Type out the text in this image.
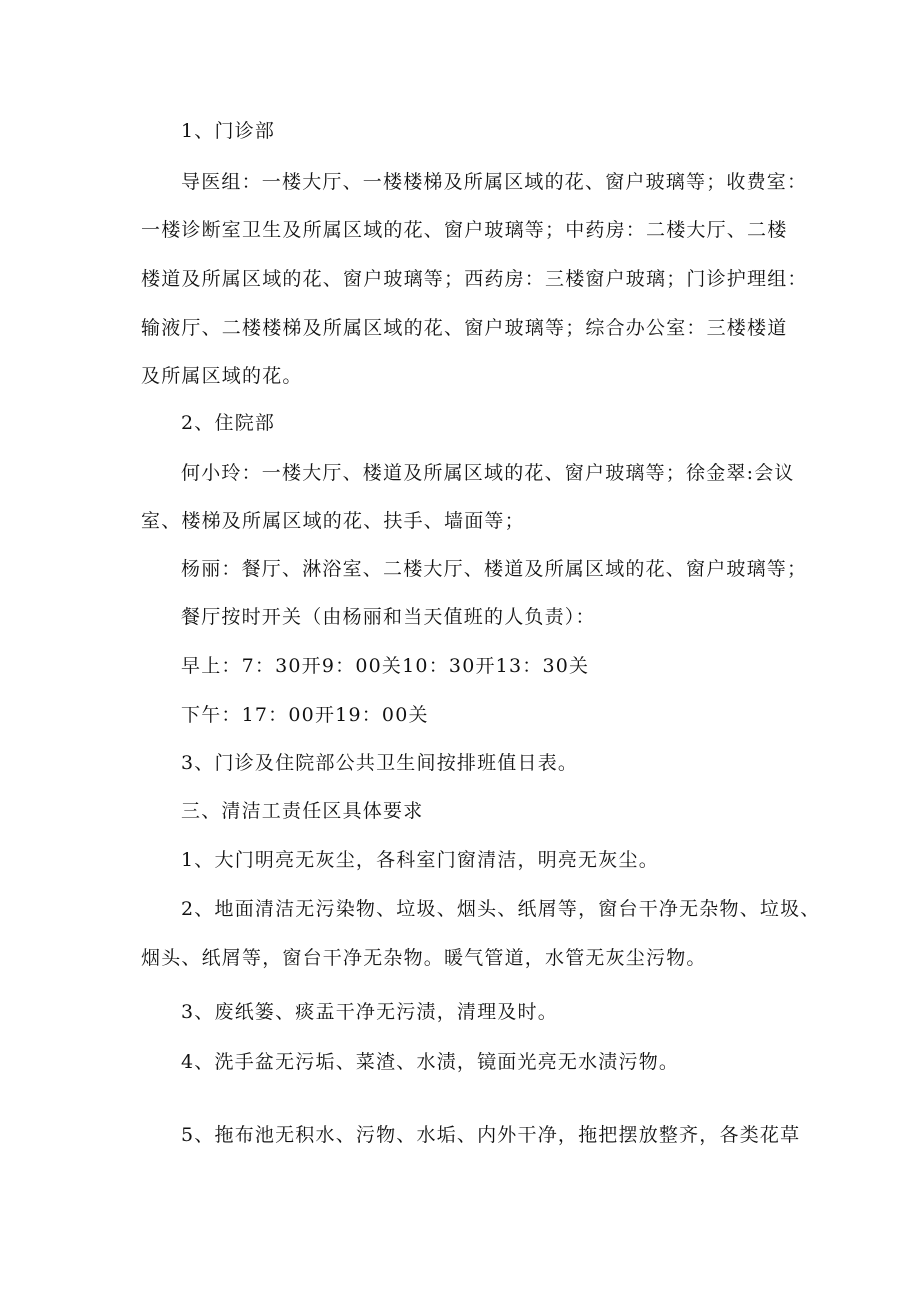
1、门诊部
导医组：一楼大厅、一楼楼梯及所属区域的花、窗户玻璃等；收费室：
一楼诊断室卫生及所属区域的花、窗户玻璃等；中药房：二楼大厅、二楼
楼道及所属区域的花、窗户玻璃等；西药房：三楼窗户玻璃；门诊护理组：
输液厅、二楼楼梯及所属区域的花、窗户玻璃等；综合办公室：三楼楼道
及所属区域的花。
2、住院部
何小玲：一楼大厅、楼道及所属区域的花、窗户玻璃等；徐金翠:会议
室、楼梯及所属区域的花、扶手、墙面等；
杨丽：餐厅、淋浴室、二楼大厅、楼道及所属区域的花、窗户玻璃等；
餐厅按时开关（由杨丽和当天值班的人负责）：
早上：7：30开9：00关10：30开13：30关
下午：17：00开19：00关
3、门诊及住院部公共卫生间按排班值日表。
三、清洁工责任区具体要求
1、大门明亮无灰尘，各科室门窗清洁，明亮无灰尘。
2、地面清洁无污染物、垃圾、烟头、纸屑等，窗台干净无杂物、垃圾、
烟头、纸屑等，窗台干净无杂物。暖气管道，水管无灰尘污物。
3、废纸篓、痰盂干净无污渍，清理及时。
4、洗手盆无污垢、菜渣、水渍，镜面光亮无水渍污物。
5、拖布池无积水、污物、水垢、内外干净，拖把摆放整齐，各类花草
